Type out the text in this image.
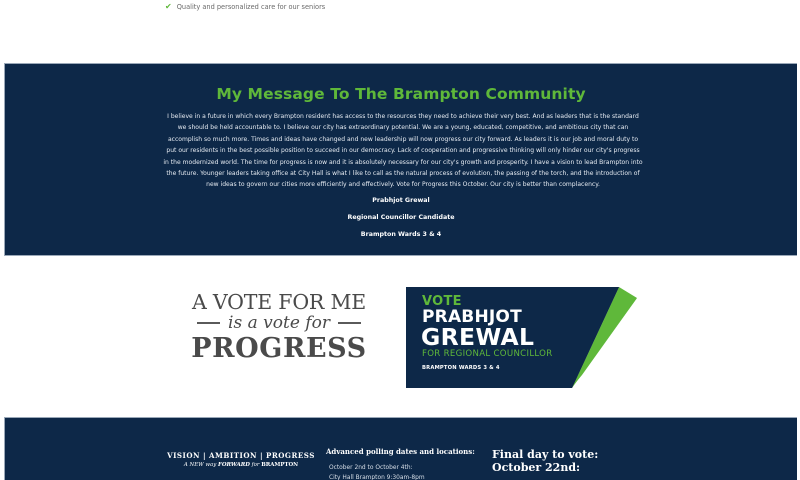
✔ Quality and personalized care for our seniors
My Message To The Brampton Community

I believe in a future in which every Brampton resident has access to the resources they need to achieve their very best. And as leaders that is the standard we should be held accountable to. I believe our city has extraordinary potential. We are a young, educated, competitive, and ambitious city that can accomplish so much more. Times and ideas have changed and new leadership will now progress our city forward. As leaders it is our job and moral duty to put our residents in the best possible position to succeed in our democracy. Lack of cooperation and progressive thinking will only hinder our city's progress in the modernized world. The time for progress is now and it is absolutely necessary for our city's growth and prosperity. I have a vision to lead Brampton into the future. Younger leaders taking office at City Hall is what I like to call as the natural process of evolution, the passing of the torch, and the introduction of new ideas to govern our cities more efficiently and effectively. Vote for Progress this October. Our city is better than complacency.

Prabhjot Grewal
Regional Councillor Candidate
Brampton Wards 3 & 4
A VOTE FOR ME
is a vote for
PROGRESS
VOTE
PRABHJOT
GREWAL
FOR REGIONAL COUNCILLOR
BRAMPTON WARDS 3 & 4
VISION | AMBITION | PROGRESS
A NEW way FORWARD for BRAMPTON
Advanced polling dates and locations:
October 2nd to October 4th:
City Hall Brampton 9:30am-8pm
Final day to vote:
October 22nd:
